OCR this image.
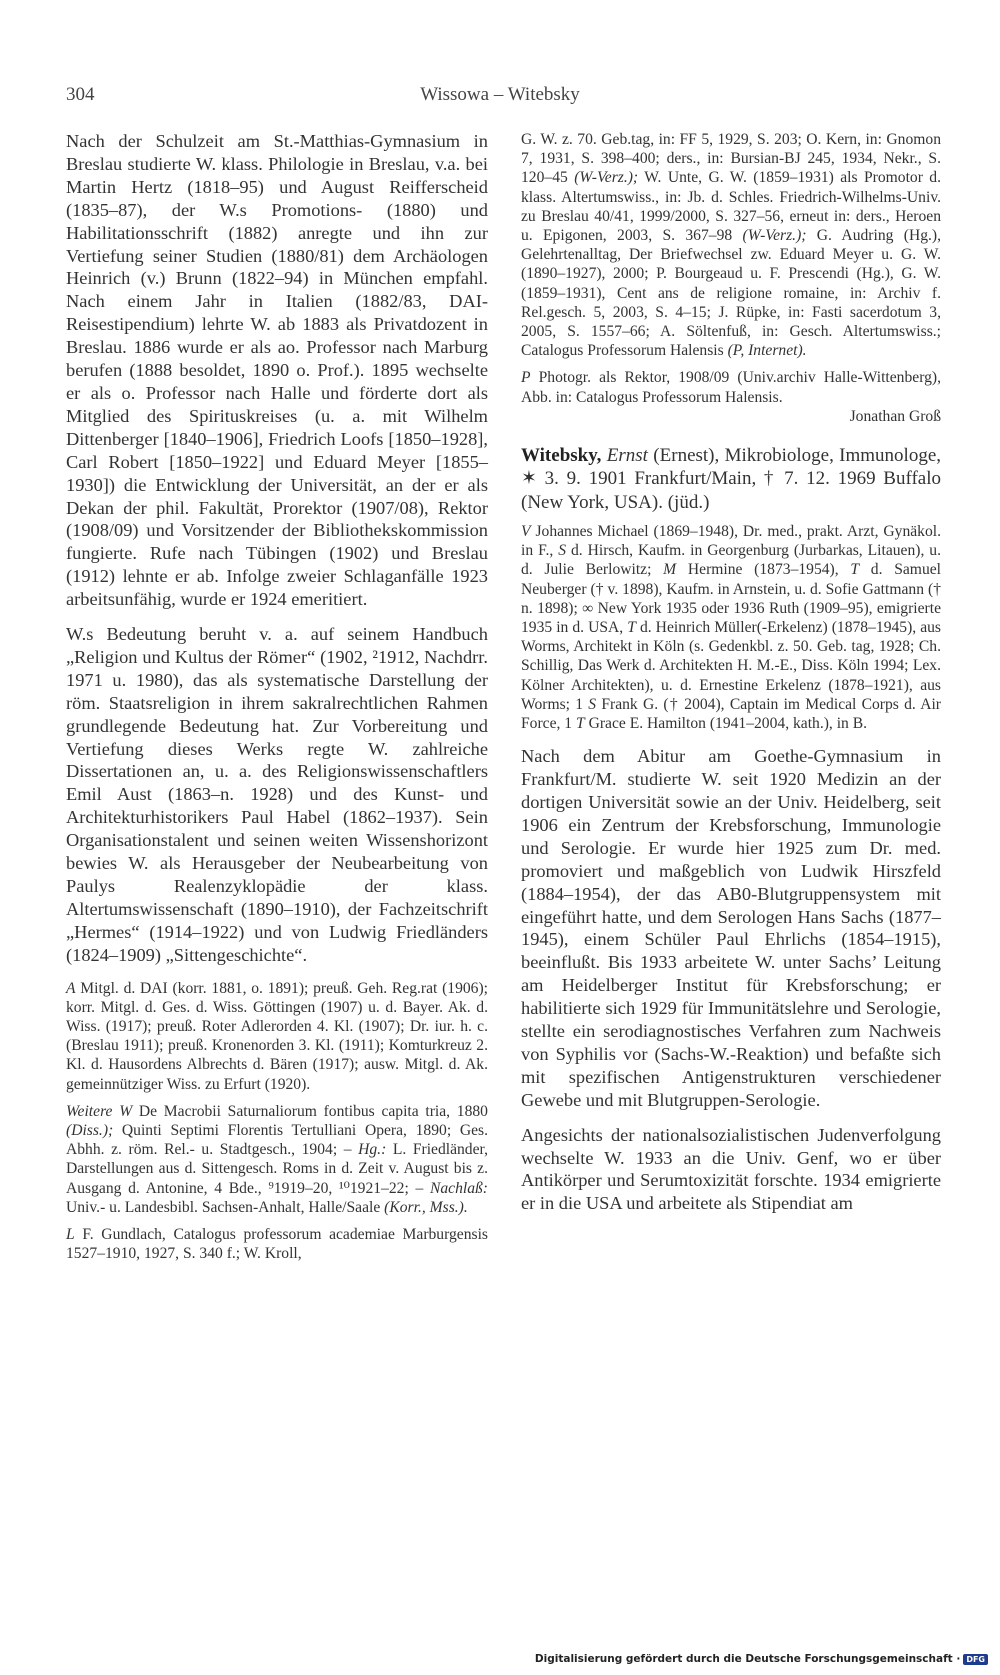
304	Wissowa – Witebsky

Nach der Schulzeit am St.-Matthias-Gymnasium in Breslau studierte W. klass. Philologie in Breslau, v.a. bei Martin Hertz (1818–95) und August Reifferscheid (1835–87), der W.s Promotions- (1880) und Habilitationsschrift (1882) anregte und ihn zur Vertiefung seiner Studien (1880/81) dem Archäologen Heinrich (v.) Brunn (1822–94) in München empfahl. Nach einem Jahr in Italien (1882/83, DAI-Reisestipendium) lehrte W. ab 1883 als Privatdozent in Breslau. 1886 wurde er als ao. Professor nach Marburg berufen (1888 besoldet, 1890 o. Prof.). 1895 wechselte er als o. Professor nach Halle und förderte dort als Mitglied des Spirituskreises (u. a. mit Wilhelm Dittenberger [1840–1906], Friedrich Loofs [1850–1928], Carl Robert [1850–1922] und Eduard Meyer [1855–1930]) die Entwicklung der Universität, an der er als Dekan der phil. Fakultät, Prorektor (1907/08), Rektor (1908/09) und Vorsitzender der Bibliothekskommission fungierte. Rufe nach Tübingen (1902) und Breslau (1912) lehnte er ab. Infolge zweier Schlaganfälle 1923 arbeitsunfähig, wurde er 1924 emeritiert.

W.s Bedeutung beruht v. a. auf seinem Handbuch „Religion und Kultus der Römer“ (1902, ²1912, Nachdrr. 1971 u. 1980), das als systematische Darstellung der röm. Staatsreligion in ihrem sakralrechtlichen Rahmen grundlegende Bedeutung hat. Zur Vorbereitung und Vertiefung dieses Werks regte W. zahlreiche Dissertationen an, u. a. des Religionswissenschaftlers Emil Aust (1863–n. 1928) und des Kunst- und Architekturhistorikers Paul Habel (1862–1937). Sein Organisationstalent und seinen weiten Wissenshorizont bewies W. als Herausgeber der Neubearbeitung von Paulys Realenzyklopädie der klass. Altertumswissenschaft (1890–1910), der Fachzeitschrift „Hermes“ (1914–1922) und von Ludwig Friedländers (1824–1909) „Sittengeschichte“.

A Mitgl. d. DAI (korr. 1881, o. 1891); preuß. Geh. Reg.rat (1906); korr. Mitgl. d. Ges. d. Wiss. Göttingen (1907) u. d. Bayer. Ak. d. Wiss. (1917); preuß. Roter Adlerorden 4. Kl. (1907); Dr. iur. h. c. (Breslau 1911); preuß. Kronenorden 3. Kl. (1911); Komturkreuz 2. Kl. d. Hausordens Albrechts d. Bären (1917); ausw. Mitgl. d. Ak. gemeinnütziger Wiss. zu Erfurt (1920).

Weitere W De Macrobii Saturnaliorum fontibus capita tria, 1880 (Diss.); Quinti Septimi Florentis Tertulliani Opera, 1890; Ges. Abhh. z. röm. Rel.- u. Stadtgesch., 1904; – Hg.: L. Friedländer, Darstellungen aus d. Sittengesch. Roms in d. Zeit v. August bis z. Ausgang d. Antonine, 4 Bde., ⁹1919–20, ¹⁰1921–22; – Nachlaß: Univ.- u. Landesbibl. Sachsen-Anhalt, Halle/Saale (Korr., Mss.).

L F. Gundlach, Catalogus professorum academiae Marburgensis 1527–1910, 1927, S. 340 f.; W. Kroll,

G. W. z. 70. Geb.tag, in: FF 5, 1929, S. 203; O. Kern, in: Gnomon 7, 1931, S. 398–400; ders., in: Bursian-BJ 245, 1934, Nekr., S. 120–45 (W-Verz.); W. Unte, G. W. (1859–1931) als Promotor d. klass. Altertumswiss., in: Jb. d. Schles. Friedrich-Wilhelms-Univ. zu Breslau 40/41, 1999/2000, S. 327–56, erneut in: ders., Heroen u. Epigonen, 2003, S. 367–98 (W-Verz.); G. Audring (Hg.), Gelehrtenalltag, Der Briefwechsel zw. Eduard Meyer u. G. W. (1890–1927), 2000; P. Bourgeaud u. F. Prescendi (Hg.), G. W. (1859–1931), Cent ans de religione romaine, in: Archiv f. Rel.gesch. 5, 2003, S. 4–15; J. Rüpke, in: Fasti sacerdotum 3, 2005, S. 1557–66; A. Söltenfuß, in: Gesch. Altertumswiss.; Catalogus Professorum Halensis (P, Internet).

P Photogr. als Rektor, 1908/09 (Univ.archiv Halle-Wittenberg), Abb. in: Catalogus Professorum Halensis.

Jonathan Groß

Witebsky, Ernst (Ernest), Mikrobiologe, Immunologe, ✶ 3. 9. 1901 Frankfurt/Main, † 7. 12. 1969 Buffalo (New York, USA). (jüd.)

V Johannes Michael (1869–1948), Dr. med., prakt. Arzt, Gynäkol. in F., S d. Hirsch, Kaufm. in Georgenburg (Jurbarkas, Litauen), u. d. Julie Berlowitz; M Hermine (1873–1954), T d. Samuel Neuberger († v. 1898), Kaufm. in Arnstein, u. d. Sofie Gattmann († n. 1898); ∞ New York 1935 oder 1936 Ruth (1909–95), emigrierte 1935 in d. USA, T d. Heinrich Müller(-Erkelenz) (1878–1945), aus Worms, Architekt in Köln (s. Gedenkbl. z. 50. Geb. tag, 1928; Ch. Schillig, Das Werk d. Architekten H. M.-E., Diss. Köln 1994; Lex. Kölner Architekten), u. d. Ernestine Erkelenz (1878–1921), aus Worms; 1 S Frank G. († 2004), Captain im Medical Corps d. Air Force, 1 T Grace E. Hamilton (1941–2004, kath.), in B.

Nach dem Abitur am Goethe-Gymnasium in Frankfurt/M. studierte W. seit 1920 Medizin an der dortigen Universität sowie an der Univ. Heidelberg, seit 1906 ein Zentrum der Krebsforschung, Immunologie und Serologie. Er wurde hier 1925 zum Dr. med. promoviert und maßgeblich von Ludwik Hirszfeld (1884–1954), der das AB0-Blutgruppensystem mit eingeführt hatte, und dem Serologen Hans Sachs (1877–1945), einem Schüler Paul Ehrlichs (1854–1915), beeinflußt. Bis 1933 arbeitete W. unter Sachs’ Leitung am Heidelberger Institut für Krebsforschung; er habilitierte sich 1929 für Immunitätslehre und Serologie, stellte ein serodiagnostisches Verfahren zum Nachweis von Syphilis vor (Sachs-W.-Reaktion) und befaßte sich mit spezifischen Antigenstrukturen verschiedener Gewebe und mit Blutgruppen-Serologie.

Angesichts der nationalsozialistischen Judenverfolgung wechselte W. 1933 an die Univ. Genf, wo er über Antikörper und Serumtoxizität forschte. 1934 emigrierte er in die USA und arbeitete als Stipendiat am

Digitalisierung gefördert durch die Deutsche Forschungsgemeinschaft · DFG
